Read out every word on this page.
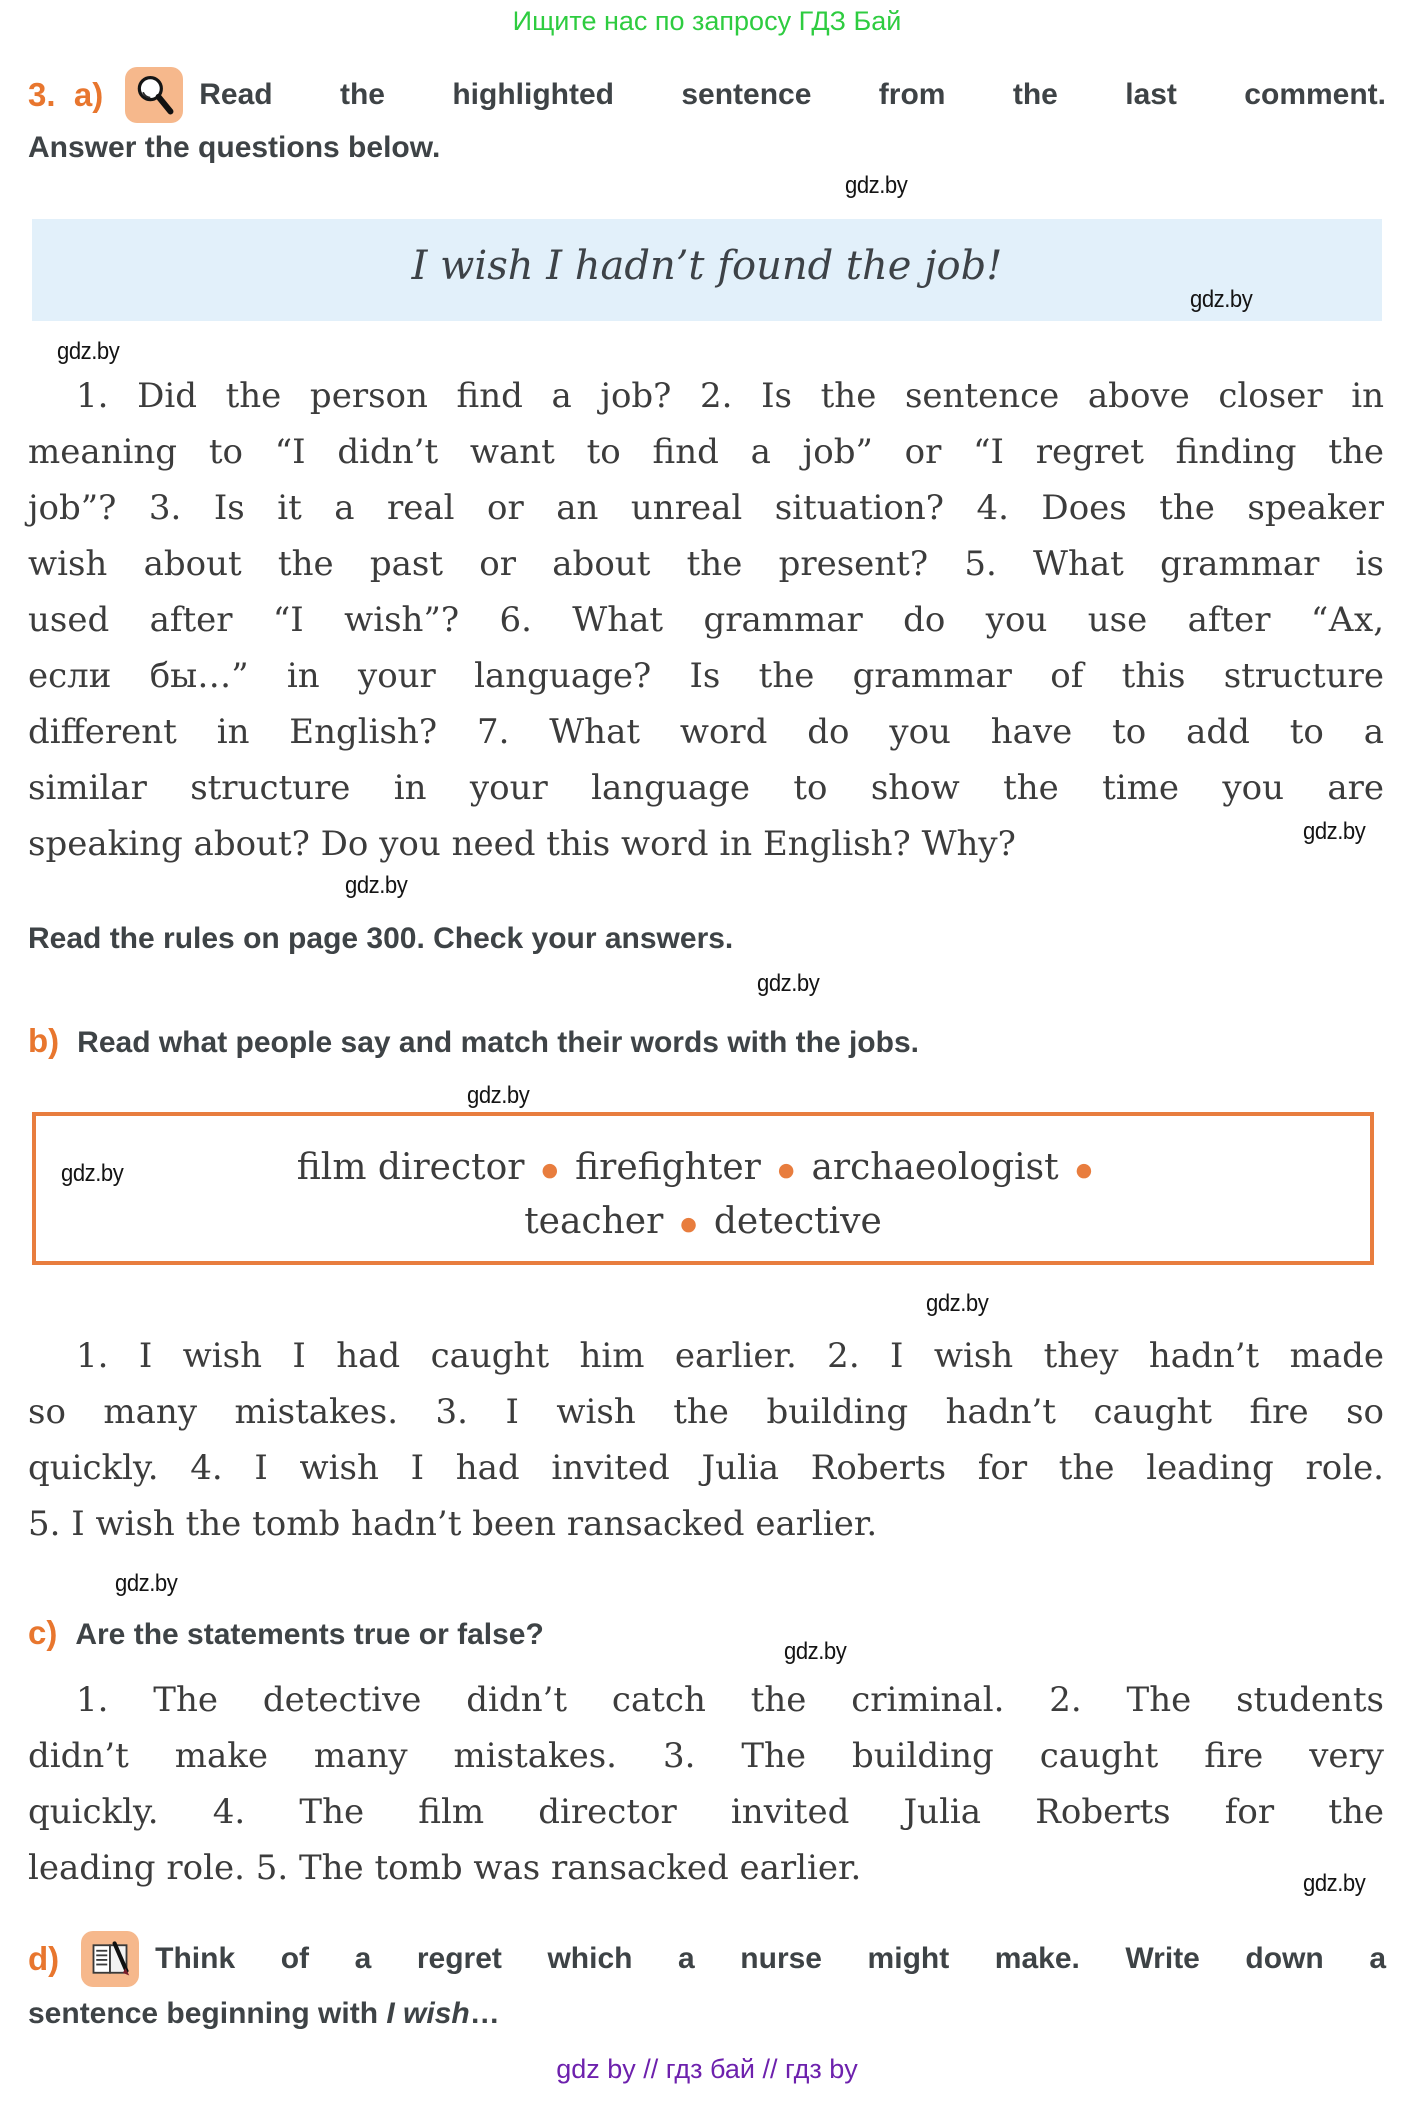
Ищите нас по запросу ГДЗ Бай
3. a)	Read the highlighted sentence from the last comment.
Answer the questions below.
I wish I hadn’t found the job!
1. Did the person find a job? 2. Is the sentence above closer in
meaning to “I didn’t want to find a job” or “I regret finding the
job”? 3. Is it a real or an unreal situation? 4. Does the speaker
wish about the past or about the present? 5. What grammar is
used after “I wish”? 6. What grammar do you use after “Ах,
если бы…” in your language? Is the grammar of this structure
different in English? 7. What word do you have to add to a
similar structure in your language to show the time you are
speaking about? Do you need this word in English? Why?
Read the rules on page 300. Check your answers.
b) Read what people say and match their words with the jobs.
film director ● firefighter ● archaeologist ●
teacher ● detective
1. I wish I had caught him earlier. 2. I wish they hadn’t made
so many mistakes. 3. I wish the building hadn’t caught fire so
quickly. 4. I wish I had invited Julia Roberts for the leading role.
5. I wish the tomb hadn’t been ransacked earlier.
c) Are the statements true or false?
1. The detective didn’t catch the criminal. 2. The students
didn’t make many mistakes. 3. The building caught fire very
quickly. 4. The film director invited Julia Roberts for the
leading role. 5. The tomb was ransacked earlier.
d)	Think of a regret which a nurse might make. Write down a
sentence beginning with I wish…
gdz by // гдз бай // гдз by
gdz.by
gdz.by
gdz.by
gdz.by
gdz.by
gdz.by
gdz.by
gdz.by
gdz.by
gdz.by
gdz.by
gdz.by
